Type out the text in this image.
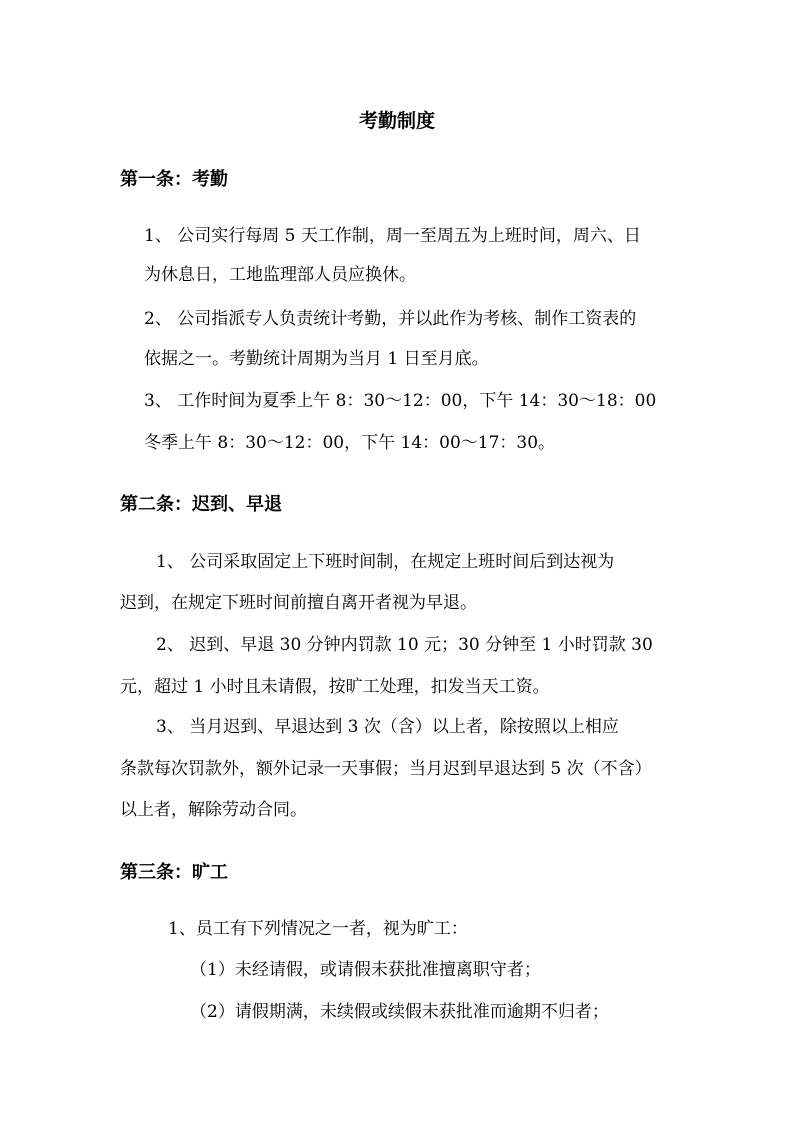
考勤制度
第一条：考勤
1、 公司实行每周 5 天工作制，周一至周五为上班时间，周六、日
为休息日，工地监理部人员应换休。
2、 公司指派专人负责统计考勤，并以此作为考核、制作工资表的
依据之一。考勤统计周期为当月 1 日至月底。
3、 工作时间为夏季上午 8：30～12：00，下午 14：30～18：00
冬季上午 8：30～12：00，下午 14：00～17：30。
第二条：迟到、早退
1、 公司采取固定上下班时间制，在规定上班时间后到达视为
迟到，在规定下班时间前擅自离开者视为早退。
2、 迟到、早退 30 分钟内罚款 10 元；30 分钟至 1 小时罚款 30
元，超过 1 小时且未请假，按旷工处理，扣发当天工资。
3、 当月迟到、早退达到 3 次（含）以上者，除按照以上相应
条款每次罚款外，额外记录一天事假；当月迟到早退达到 5 次（不含）
以上者，解除劳动合同。
第三条：旷工
1、员工有下列情况之一者，视为旷工：
（1）未经请假，或请假未获批准擅离职守者；
（2）请假期满，未续假或续假未获批准而逾期不归者；
